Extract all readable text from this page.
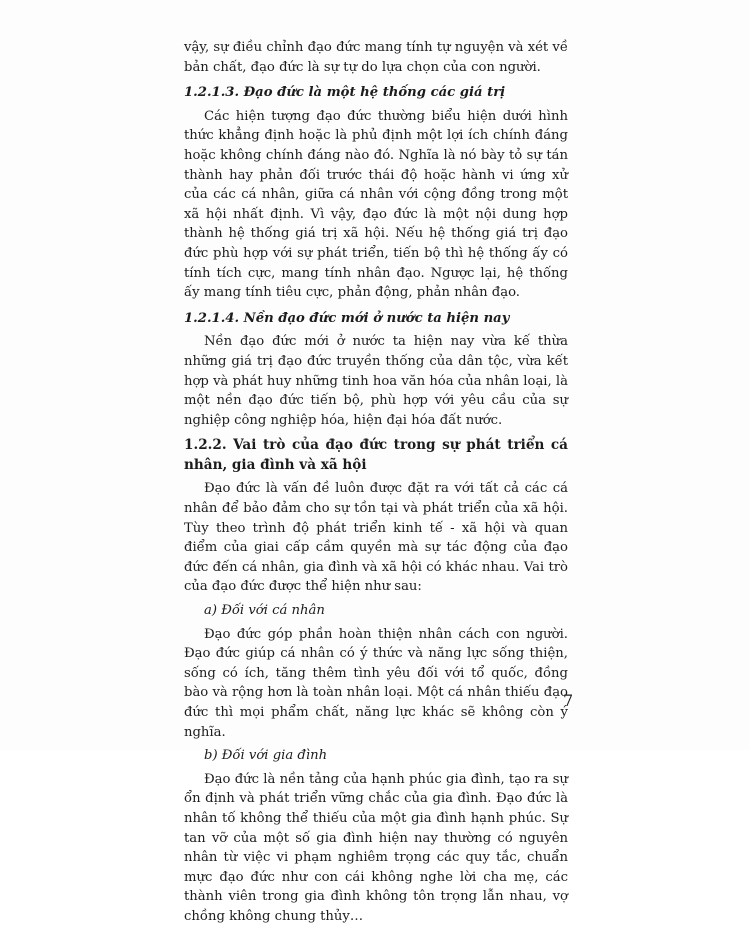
vậy, sự điều chỉnh đạo đức mang tính tự nguyện và xét về bản chất, đạo đức là sự tự do lựa chọn của con người.

1.2.1.3. Đạo đức là một hệ thống các giá trị

Các hiện tượng đạo đức thường biểu hiện dưới hình thức khẳng định hoặc là phủ định một lợi ích chính đáng hoặc không chính đáng nào đó. Nghĩa là nó bày tỏ sự tán thành hay phản đối trước thái độ hoặc hành vi ứng xử của các cá nhân, giữa cá nhân với cộng đồng trong một xã hội nhất định. Vì vậy, đạo đức là một nội dung hợp thành hệ thống giá trị xã hội. Nếu hệ thống giá trị đạo đức phù hợp với sự phát triển, tiến bộ thì hệ thống ấy có tính tích cực, mang tính nhân đạo. Ngược lại, hệ thống ấy mang tính tiêu cực, phản động, phản nhân đạo.

1.2.1.4. Nền đạo đức mới ở nước ta hiện nay

Nền đạo đức mới ở nước ta hiện nay vừa kế thừa những giá trị đạo đức truyền thống của dân tộc, vừa kết hợp và phát huy những tinh hoa văn hóa của nhân loại, là một nền đạo đức tiến bộ, phù hợp với yêu cầu của sự nghiệp công nghiệp hóa, hiện đại hóa đất nước.

1.2.2. Vai trò của đạo đức trong sự phát triển cá nhân, gia đình và xã hội

Đạo đức là vấn đề luôn được đặt ra với tất cả các cá nhân để bảo đảm cho sự tồn tại và phát triển của xã hội. Tùy theo trình độ phát triển kinh tế - xã hội và quan điểm của giai cấp cầm quyền mà sự tác động của đạo đức đến cá nhân, gia đình và xã hội có khác nhau. Vai trò của đạo đức được thể hiện như sau:

a) Đối với cá nhân

Đạo đức góp phần hoàn thiện nhân cách con người. Đạo đức giúp cá nhân có ý thức và năng lực sống thiện, sống có ích, tăng thêm tình yêu đối với tổ quốc, đồng bào và rộng hơn là toàn nhân loại. Một cá nhân thiếu đạo đức thì mọi phẩm chất, năng lực khác sẽ không còn ý nghĩa.

b) Đối với gia đình

Đạo đức là nền tảng của hạnh phúc gia đình, tạo ra sự ổn định và phát triển vững chắc của gia đình. Đạo đức là nhân tố không thể thiếu của một gia đình hạnh phúc. Sự tan vỡ của một số gia đình hiện nay thường có nguyên nhân từ việc vi phạm nghiêm trọng các quy tắc, chuẩn mực đạo đức như con cái không nghe lời cha mẹ, các thành viên trong gia đình không tôn trọng lẫn nhau, vợ chồng không chung thủy…

7
